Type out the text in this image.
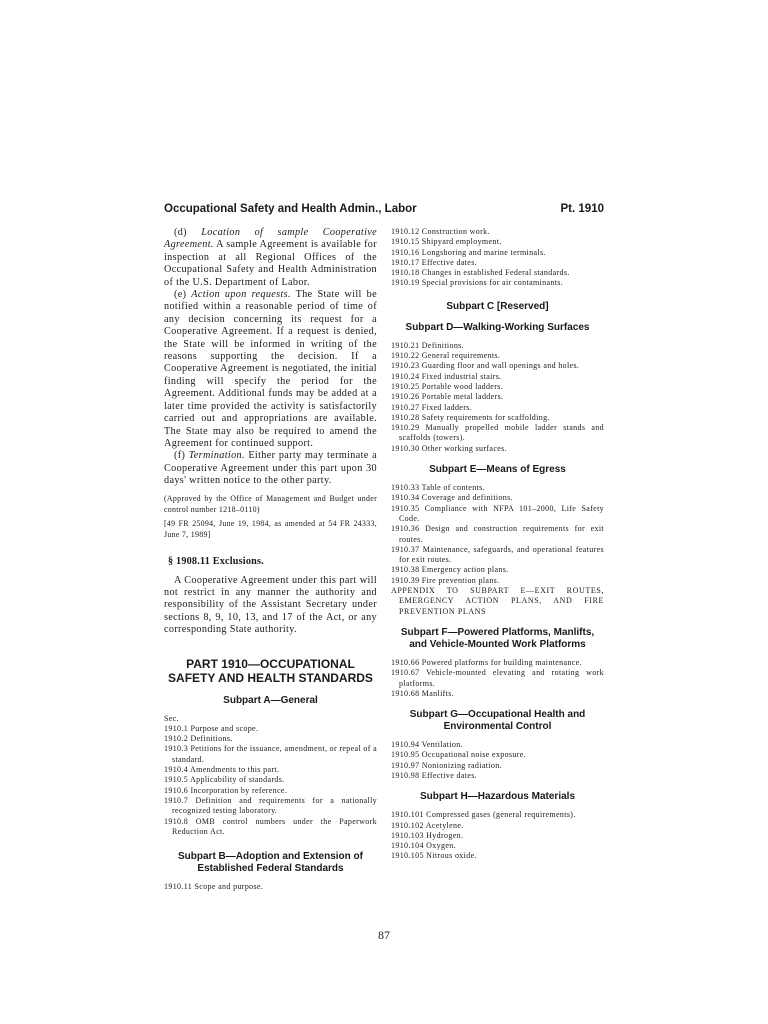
Occupational Safety and Health Admin., Labor	Pt. 1910

(d) Location of sample Cooperative Agreement. A sample Agreement is available for inspection at all Regional Offices of the Occupational Safety and Health Administration of the U.S. Department of Labor.

(e) Action upon requests. The State will be notified within a reasonable period of time of any decision concerning its request for a Cooperative Agreement. If a request is denied, the State will be informed in writing of the reasons supporting the decision. If a Cooperative Agreement is negotiated, the initial finding will specify the period for the Agreement. Additional funds may be added at a later time provided the activity is satisfactorily carried out and appropriations are available. The State may also be required to amend the Agreement for continued support.

(f) Termination. Either party may terminate a Cooperative Agreement under this part upon 30 days' written notice to the other party.

(Approved by the Office of Management and Budget under control number 1218–0110)

[49 FR 25094, June 19, 1984, as amended at 54 FR 24333, June 7, 1989]

§ 1908.11 Exclusions.

A Cooperative Agreement under this part will not restrict in any manner the authority and responsibility of the Assistant Secretary under sections 8, 9, 10, 13, and 17 of the Act, or any corresponding State authority.

PART 1910—OCCUPATIONAL SAFETY AND HEALTH STANDARDS
Subpart A—General
Sec.
1910.1 Purpose and scope.
1910.2 Definitions.
1910.3 Petitions for the issuance, amendment, or repeal of a standard.
1910.4 Amendments to this part.
1910.5 Applicability of standards.
1910.6 Incorporation by reference.
1910.7 Definition and requirements for a nationally recognized testing laboratory.
1910.8 OMB control numbers under the Paperwork Reduction Act.
Subpart B—Adoption and Extension of Established Federal Standards
1910.11 Scope and purpose.
1910.12 Construction work.
1910.15 Shipyard employment.
1910.16 Longshoring and marine terminals.
1910.17 Effective dates.
1910.18 Changes in established Federal standards.
1910.19 Special provisions for air contaminants.
Subpart C [Reserved]
Subpart D—Walking-Working Surfaces
1910.21 Definitions.
1910.22 General requirements.
1910.23 Guarding floor and wall openings and holes.
1910.24 Fixed industrial stairs.
1910.25 Portable wood ladders.
1910.26 Portable metal ladders.
1910.27 Fixed ladders.
1910.28 Safety requirements for scaffolding.
1910.29 Manually propelled mobile ladder stands and scaffolds (towers).
1910.30 Other working surfaces.
Subpart E—Means of Egress
1910.33 Table of contents.
1910.34 Coverage and definitions.
1910.35 Compliance with NFPA 101–2000, Life Safety Code.
1910.36 Design and construction requirements for exit routes.
1910.37 Maintenance, safeguards, and operational features for exit routes.
1910.38 Emergency action plans.
1910.39 Fire prevention plans.
APPENDIX TO SUBPART E—EXIT ROUTES, EMERGENCY ACTION PLANS, AND FIRE PREVENTION PLANS
Subpart F—Powered Platforms, Manlifts, and Vehicle-Mounted Work Platforms
1910.66 Powered platforms for building maintenance.
1910.67 Vehicle-mounted elevating and rotating work platforms.
1910.68 Manlifts.
Subpart G—Occupational Health and Environmental Control
1910.94 Ventilation.
1910.95 Occupational noise exposure.
1910.97 Nonionizing radiation.
1910.98 Effective dates.
Subpart H—Hazardous Materials
1910.101 Compressed gases (general requirements).
1910.102 Acetylene.
1910.103 Hydrogen.
1910.104 Oxygen.
1910.105 Nitrous oxide.
87
